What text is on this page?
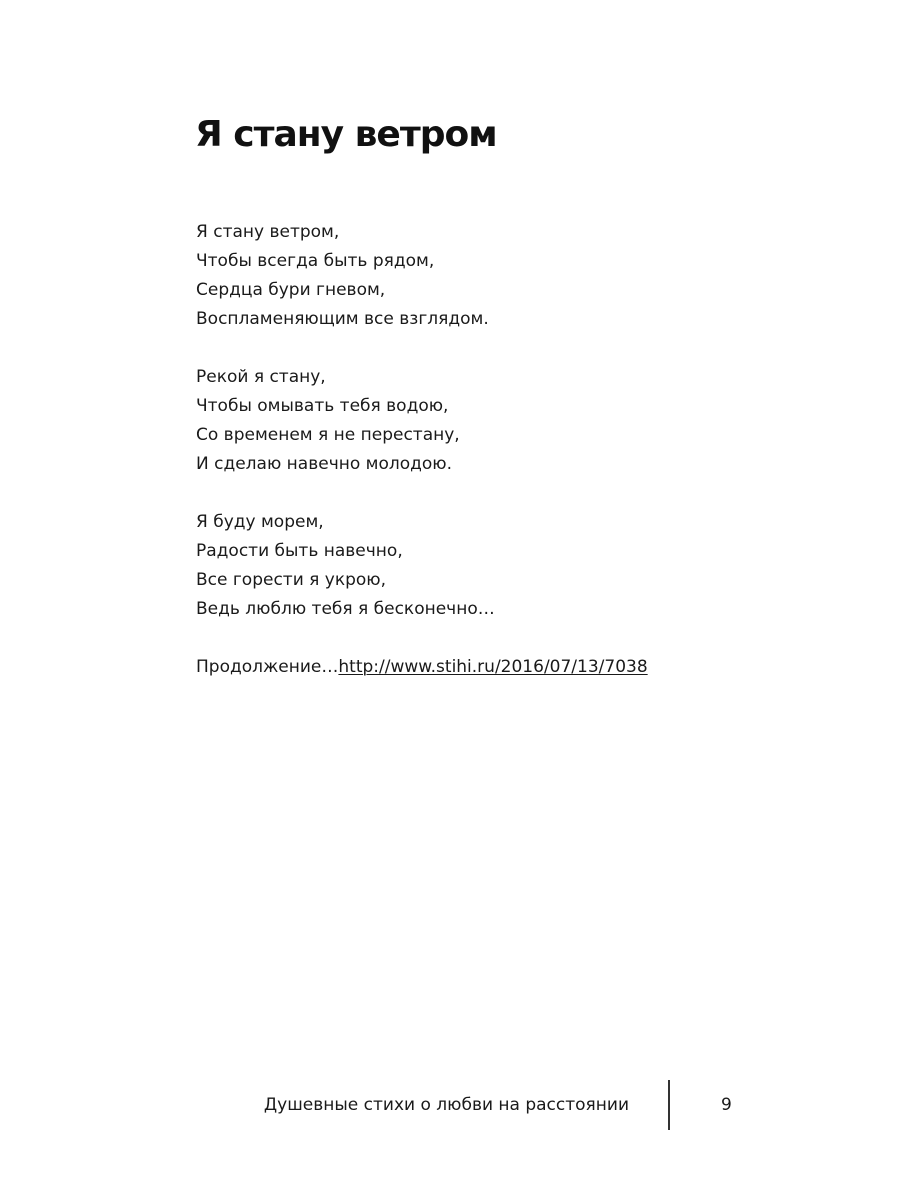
Я стану ветром
Я стану ветром,
Чтобы всегда быть рядом,
Сердца бури гневом,
Воспламеняющим все взглядом.
Рекой я стану,
Чтобы омывать тебя водою,
Со временем я не перестану,
И сделаю навечно молодою.
Я буду морем,
Радости быть навечно,
Все горести я укрою,
Ведь люблю тебя я бесконечно…
Продолжение…http://www.stihi.ru/2016/07/13/7038
Душевные стихи о любви на расстоянии	9
